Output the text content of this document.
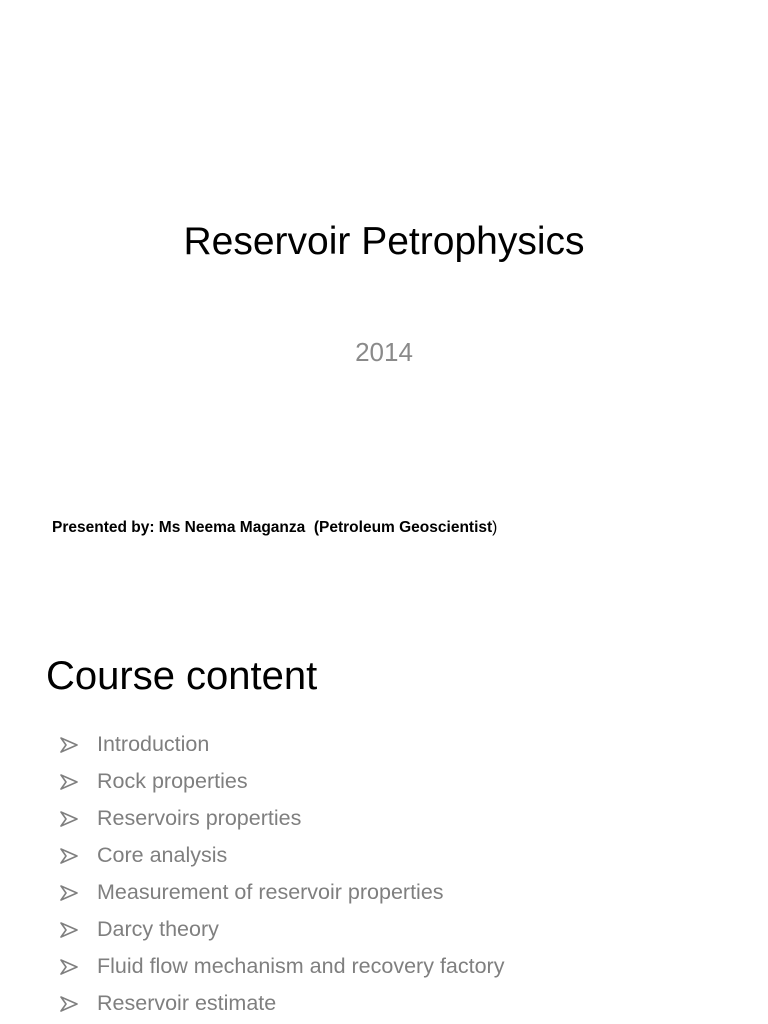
Reservoir Petrophysics
2014
Presented by: Ms Neema Maganza  (Petroleum Geoscientist)
Course content
Introduction
Rock properties
Reservoirs properties
Core analysis
Measurement of reservoir properties
Darcy theory
Fluid flow mechanism and recovery factory
Reservoir estimate
